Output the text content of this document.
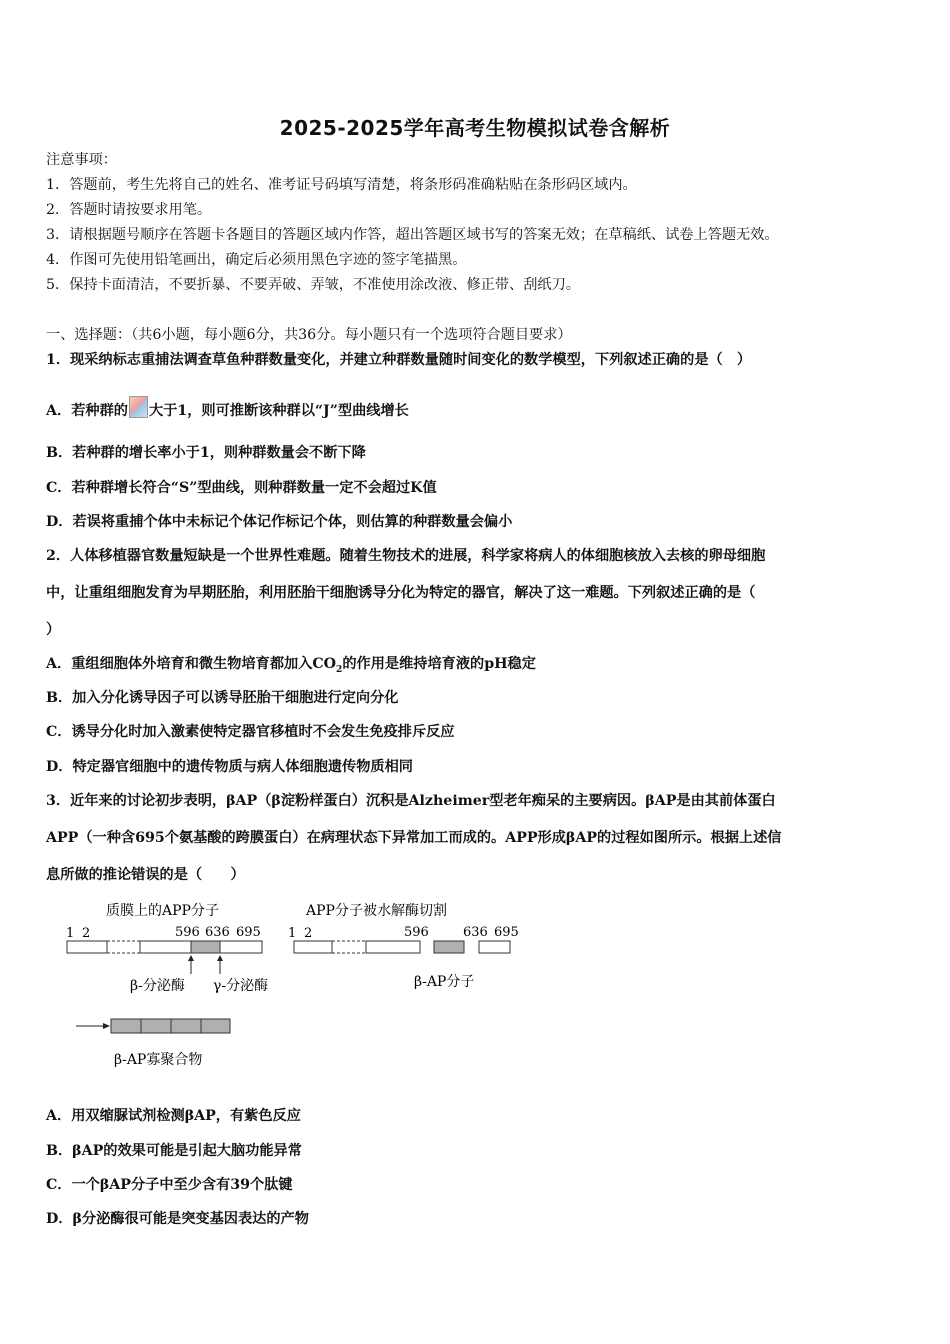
2025-2025学年高考生物模拟试卷含解析
注意事项：
1．答题前，考生先将自己的姓名、准考证号码填写清楚，将条形码准确粘贴在条形码区域内。
2．答题时请按要求用笔。
3．请根据题号顺序在答题卡各题目的答题区域内作答，超出答题区域书写的答案无效；在草稿纸、试卷上答题无效。
4．作图可先使用铅笔画出，确定后必须用黑色字迹的签字笔描黑。
5．保持卡面清洁，不要折暴、不要弄破、弄皱，不准使用涂改液、修正带、刮纸刀。
一、选择题：（共6小题，每小题6分，共36分。每小题只有一个选项符合题目要求）
1．现采纳标志重捕法调查草鱼种群数量变化，并建立种群数量随时间变化的数学模型，下列叙述正确的是（　）
A．若种群的 大于1，则可推断该种群以“J”型曲线增长
B．若种群的增长率小于1，则种群数量会不断下降
C．若种群增长符合“S”型曲线，则种群数量一定不会超过K值
D．若误将重捕个体中未标记个体记作标记个体，则估算的种群数量会偏小
2．人体移植器官数量短缺是一个世界性难题。随着生物技术的进展，科学家将病人的体细胞核放入去核的卵母细胞
中，让重组细胞发育为早期胚胎，利用胚胎干细胞诱导分化为特定的器官，解决了这一难题。下列叙述正确的是（
）
A．重组细胞体外培育和微生物培育都加入$CO_2$的作用是维持培育液的pH稳定
B．加入分化诱导因子可以诱导胚胎干细胞进行定向分化
C．诱导分化时加入激素使特定器官移植时不会发生免疫排斥反应
D．特定器官细胞中的遗传物质与病人体细胞遗传物质相同
3．近年来的讨论初步表明，βAP（β淀粉样蛋白）沉积是Alzheimer型老年痴呆的主要病因。βAP是由其前体蛋白
APP（一种含695个氨基酸的跨膜蛋白）在病理状态下异常加工而成的。APP形成βAP的过程如图所示。根据上述信
息所做的推论错误的是（　　）
质膜上的APP分子	APP分子被水解酶切割
1 2	596 636 695
β-分泌酶 γ-分泌酶
1 2	596	636 695
β-AP分子
β-AP寡聚合物
A．用双缩脲试剂检测βAP，有紫色反应
B．βAP的效果可能是引起大脑功能异常
C．一个βAP分子中至少含有39个肽键
D．β分泌酶很可能是突变基因表达的产物
